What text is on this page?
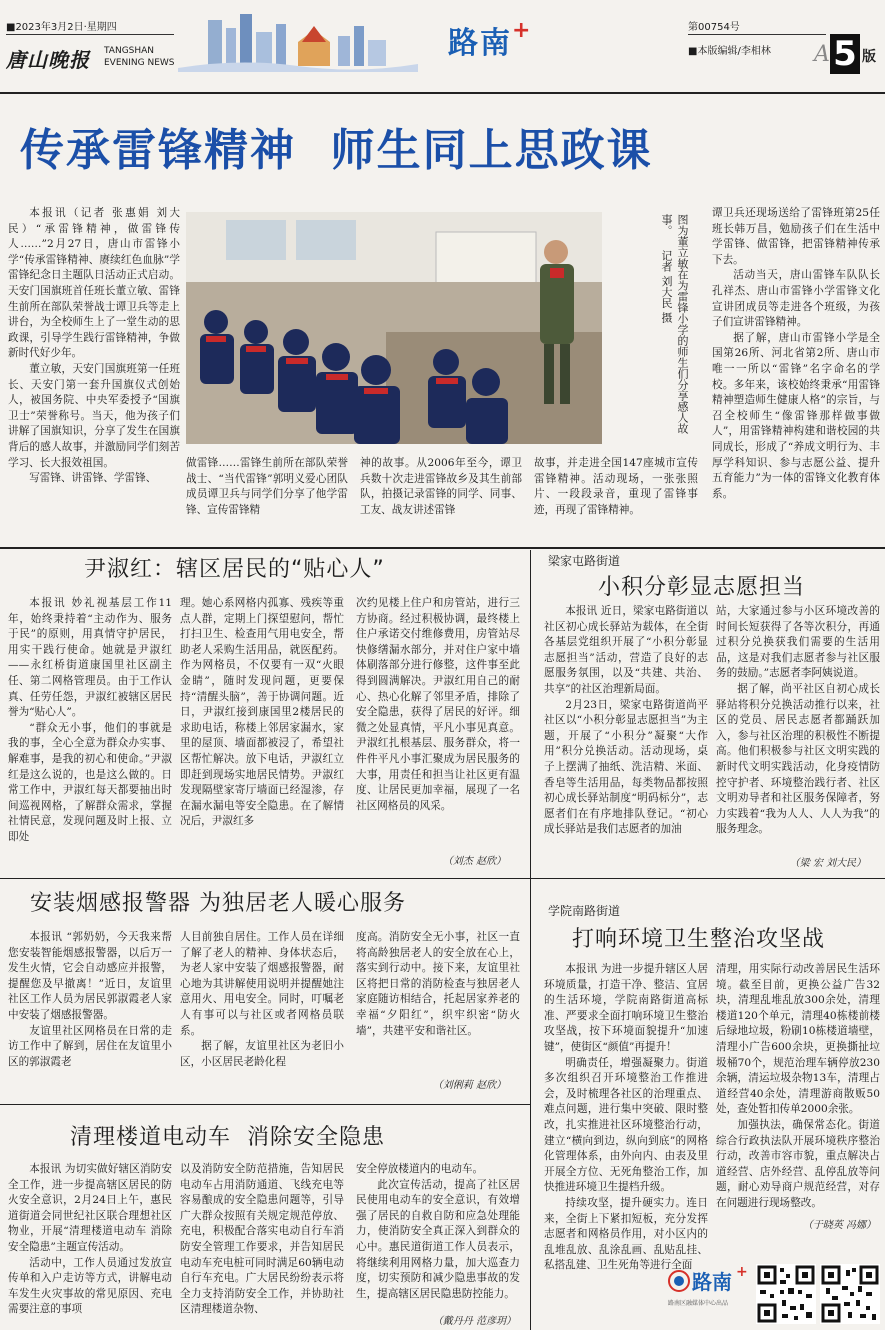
■2023年3月2日·星期四
唐山晚报 TANGSHAN
EVENING NEWS
路南+	第00754号
■本版编辑/李相林 A 5 版
传承雷锋精神  师生同上思政课

本报讯（记者 张惠娟 刘大民）“承雷锋精神，做雷锋传人……”2月27日，唐山市雷锋小学“传承雷锋精神、赓续红色血脉”学雷锋纪念日主题队日活动正式启动。天安门国旗班首任班长董立敏、雷锋生前所在部队荣誉战士谭卫兵等走上讲台，为全校师生上了一堂生动的思政课，引导学生践行雷锋精神，争做新时代好少年。

董立敏，天安门国旗班第一任班长、天安门第一套升国旗仪式创始人，被国务院、中央军委授予“国旗卫士”荣誉称号。当天，他为孩子们讲解了国旗知识，分享了发生在国旗背后的感人故事，并激励同学们刻苦学习、长大报效祖国。

写雷锋、讲雷锋、学雷锋、

图为董立敏在为雷锋小学的师生们分享感人故事。 记者 刘大民 摄

做雷锋……雷锋生前所在部队荣誉战士、“当代雷锋”郭明义爱心团队成员谭卫兵与同学们分享了他学雷锋、宣传雷锋精

神的故事。从2006年至今，谭卫兵数十次走进雷锋故乡及其生前部队，拍摄记录雷锋的同学、同事、工友、战友讲述雷锋

故事，并走进全国147座城市宣传雷锋精神。活动现场，一张张照片、一段段录音，重现了雷锋事迹，再现了雷锋精神。

谭卫兵还现场送给了雷锋班第25任班长韩万昌，勉励孩子们在生活中学雷锋、做雷锋，把雷锋精神传承下去。

活动当天，唐山雷锋车队队长孔祥杰、唐山市雷锋小学雷锋文化宣讲团成员等走进各个班级，为孩子们宣讲雷锋精神。

据了解，唐山市雷锋小学是全国第26所、河北省第2所、唐山市唯一一所以“雷锋”名字命名的学校。多年来，该校始终秉承“用雷锋精神塑造师生健康人格”的宗旨，与召全校师生“像雷锋那样做事做人”，用雷锋精神构建和谐校园的共同成长，形成了“养成文明行为、丰厚学科知识、参与志愿公益、提升五育能力”为一体的雷锋文化教育体系。

尹淑红：辖区居民的“贴心人”

本报讯 妙礼视基层工作11年，始终秉持着“主动作为、服务于民”的原则，用真情守护居民，用实干践行使命。她就是尹淑红——永红桥街道康国里社区副主任、第二网格管理员。由于工作认真、任劳任怨，尹淑红被辖区居民誉为“贴心人”。

“群众无小事，他们的事就是我的事，全心全意为群众办实事、解难事，是我的初心和使命。”尹淑红是这么说的，也是这么做的。日常工作中，尹淑红每天都要抽出时间巡视网格，了解群众需求，掌握社情民意，发现问题及时上报、立即处

理。她心系网格内孤寡、残疾等重点人群，定期上门探望慰问，帮忙打扫卫生、检查用气用电安全，帮助老人采购生活用品，就医配药。作为网格员，不仅要有一双“火眼金睛”，随时发现问题，更要保持“清醒头脑”，善于协调问题。近日，尹淑红接到康国里2楼居民的求助电话，称楼上邻居家漏水，家里的屋顶、墙面都被浸了，希望社区帮忙解决。放下电话，尹淑红立即赶到现场实地居民情势。尹淑红发现隔壁家寄厅墙面已经湿渗，存在漏水漏电等安全隐患。在了解情况后，尹淑红多

次约见楼上住户和房管站，进行三方协商。经过积极协调，最终楼上住户承诺交付维修费用，房管站尽快修缮漏水部分，并对住户家中墙体刷落部分进行修整，这件事至此得到圆满解决。尹淑红用自己的耐心、热心化解了邻里矛盾，排除了安全隐患，获得了居民的好评。细微之处显真情，平凡小事见真意。尹淑红扎根基层、服务群众，将一件件平凡小事汇聚成为居民服务的大事，用责任和担当让社区更有温度、让居民更加幸福，展现了一名社区网格员的风采。

（刘杰 赵欣）
梁家屯路街道
小积分彰显志愿担当

本报讯 近日，梁家屯路街道以社区初心成长驿站为载体，在全街各基层党组织开展了“小积分彰显志愿担当”活动，营造了良好的志愿服务氛围，以及“共建、共治、共享”的社区治理新局面。

2月23日，梁家屯路街道尚平社区以“小积分彰显志愿担当”为主题，开展了“小积分”凝聚“大作用”积分兑换活动。活动现场，桌子上摆满了抽纸、洗洁精、米面、香皂等生活用品，每类物品都按照初心成长驿站制度“明码标分”，志愿者们在有序地排队登记。“初心成长驿站是我们志愿者的加油

站，大家通过参与小区环境改善的时间长短获得了各等次积分，再通过积分兑换获我们需要的生活用品，这是对我们志愿者参与社区服务的鼓励。”志愿者李阿姨说道。

据了解，尚平社区自初心成长驿站将积分兑换活动推行以来，社区的党员、居民志愿者都踊跃加入，参与社区治理的积极性不断提高。他们积极参与社区文明实践的新时代文明实践活动，化身疫情防控守护者、环境整治践行者、社区文明劝导者和社区服务保障者，努力实践着“我为人人、人人为我”的服务理念。

（梁 宏 刘大民）
安装烟感报警器 为独居老人暖心服务

本报讯 “郭奶奶，今天我来帮您安装智能烟感报警器，以后万一发生火情，它会自动感应并报警，提醒您及早撤离！”近日，友谊里社区工作人员为居民郭淑霞老人家中安装了烟感报警器。

友谊里社区网格员在日常的走访工作中了解到，居住在友谊里小区的郭淑霞老

人目前独自居住。工作人员在详细了解了老人的精神、身体状态后，为老人家中安装了烟感报警器，耐心地为其讲解使用说明并提醒她注意用火、用电安全。同时，叮嘱老人有事可以与社区或者网格员联系。

据了解，友谊里社区为老旧小区，小区居民老龄化程

度高。消防安全无小事，社区一直将高龄独居老人的安全放在心上，落实到行动中。接下来，友谊里社区将把日常的消防检查与独居老人家庭随访相结合，托起居家养老的幸福“夕阳红”，织牢织密“防火墙”，共建平安和谐社区。

（刘俐莉 赵欣）
学院南路街道
打响环境卫生整治攻坚战

本报讯 为进一步提升辖区人居环境质量，打造干净、整洁、宜居的生活环境，学院南路街道高标准、严要求全面打响环境卫生整治攻坚战，按下环境面貌提升“加速键”，使街区“颜值”再提升！

明确责任，增强凝聚力。街道多次组织召开环境整治工作推进会，及时梳理各社区的治理重点、难点问题，进行集中突破、限时整改，扎实推进社区环境整治行动，建立“横向到边，纵向到底”的网格化管理体系，由外向内、由表及里开展全方位、无死角整治工作，加快推进环境卫生提档升级。

持续攻坚，提升硬实力。连日来，全街上下紧扣短板，充分发挥志愿者和网格员作用，对小区内的乱堆乱放、乱涂乱画、乱贴乱挂、私搭乱建、卫生死角等进行全面

清理，用实际行动改善居民生活环境。截至目前，更换公益广告32块，清理乱堆乱放300余处，清理楼道120个单元，清理40栋楼前楼后绿地垃圾，粉刷10栋楼道墙壁，清理小广告600余块，更换撕扯垃圾桶70个，规范治理车辆停放230余辆，清运垃圾杂物13车，清理占道经营40余处，清理游商散贩50处，查处暂扣传单2000余张。

加强执法，确保常态化。街道综合行政执法队开展环境秩序整治行动，改善市容市貌，重点解决占道经营、店外经营、乱停乱放等问题，耐心劝导商户规范经营，对存在问题进行现场整改。

（于晓英 冯娜）
清理楼道电动车  消除安全隐患

本报讯 为切实做好辖区消防安全工作，进一步提高辖区居民的防火安全意识，2月24日上午，惠民道街道会同世纪社区联合理想社区物业，开展“清理楼道电动车 消除安全隐患”主题宣传活动。

活动中，工作人员通过发放宣传单和入户走访等方式，讲解电动车发生火灾事故的常见原因、充电需要注意的事项

以及消防安全防范措施，告知居民电动车占用消防通道、飞线充电等容易酿成的安全隐患问题等，引导广大群众按照有关规定规范停放、充电，积极配合落实电动自行车消防安全管理工作要求，并告知居民电动车充电桩可同时满足60辆电动自行车充电。广大居民纷纷表示将全力支持消防安全工作，并协助社区清理楼道杂物、

安全停放楼道内的电动车。

此次宣传活动，提高了社区居民使用电动车的安全意识，有效增强了居民的自救自防和应急处理能力，使消防安全真正深入到群众的心中。惠民道街道工作人员表示，将继续利用网格力量，加大巡查力度，切实预防和减少隐患事故的发生，提高辖区居民隐患防控能力。

（戴丹丹 范彦玥）
路南 +
路南区融媒体中心出品
